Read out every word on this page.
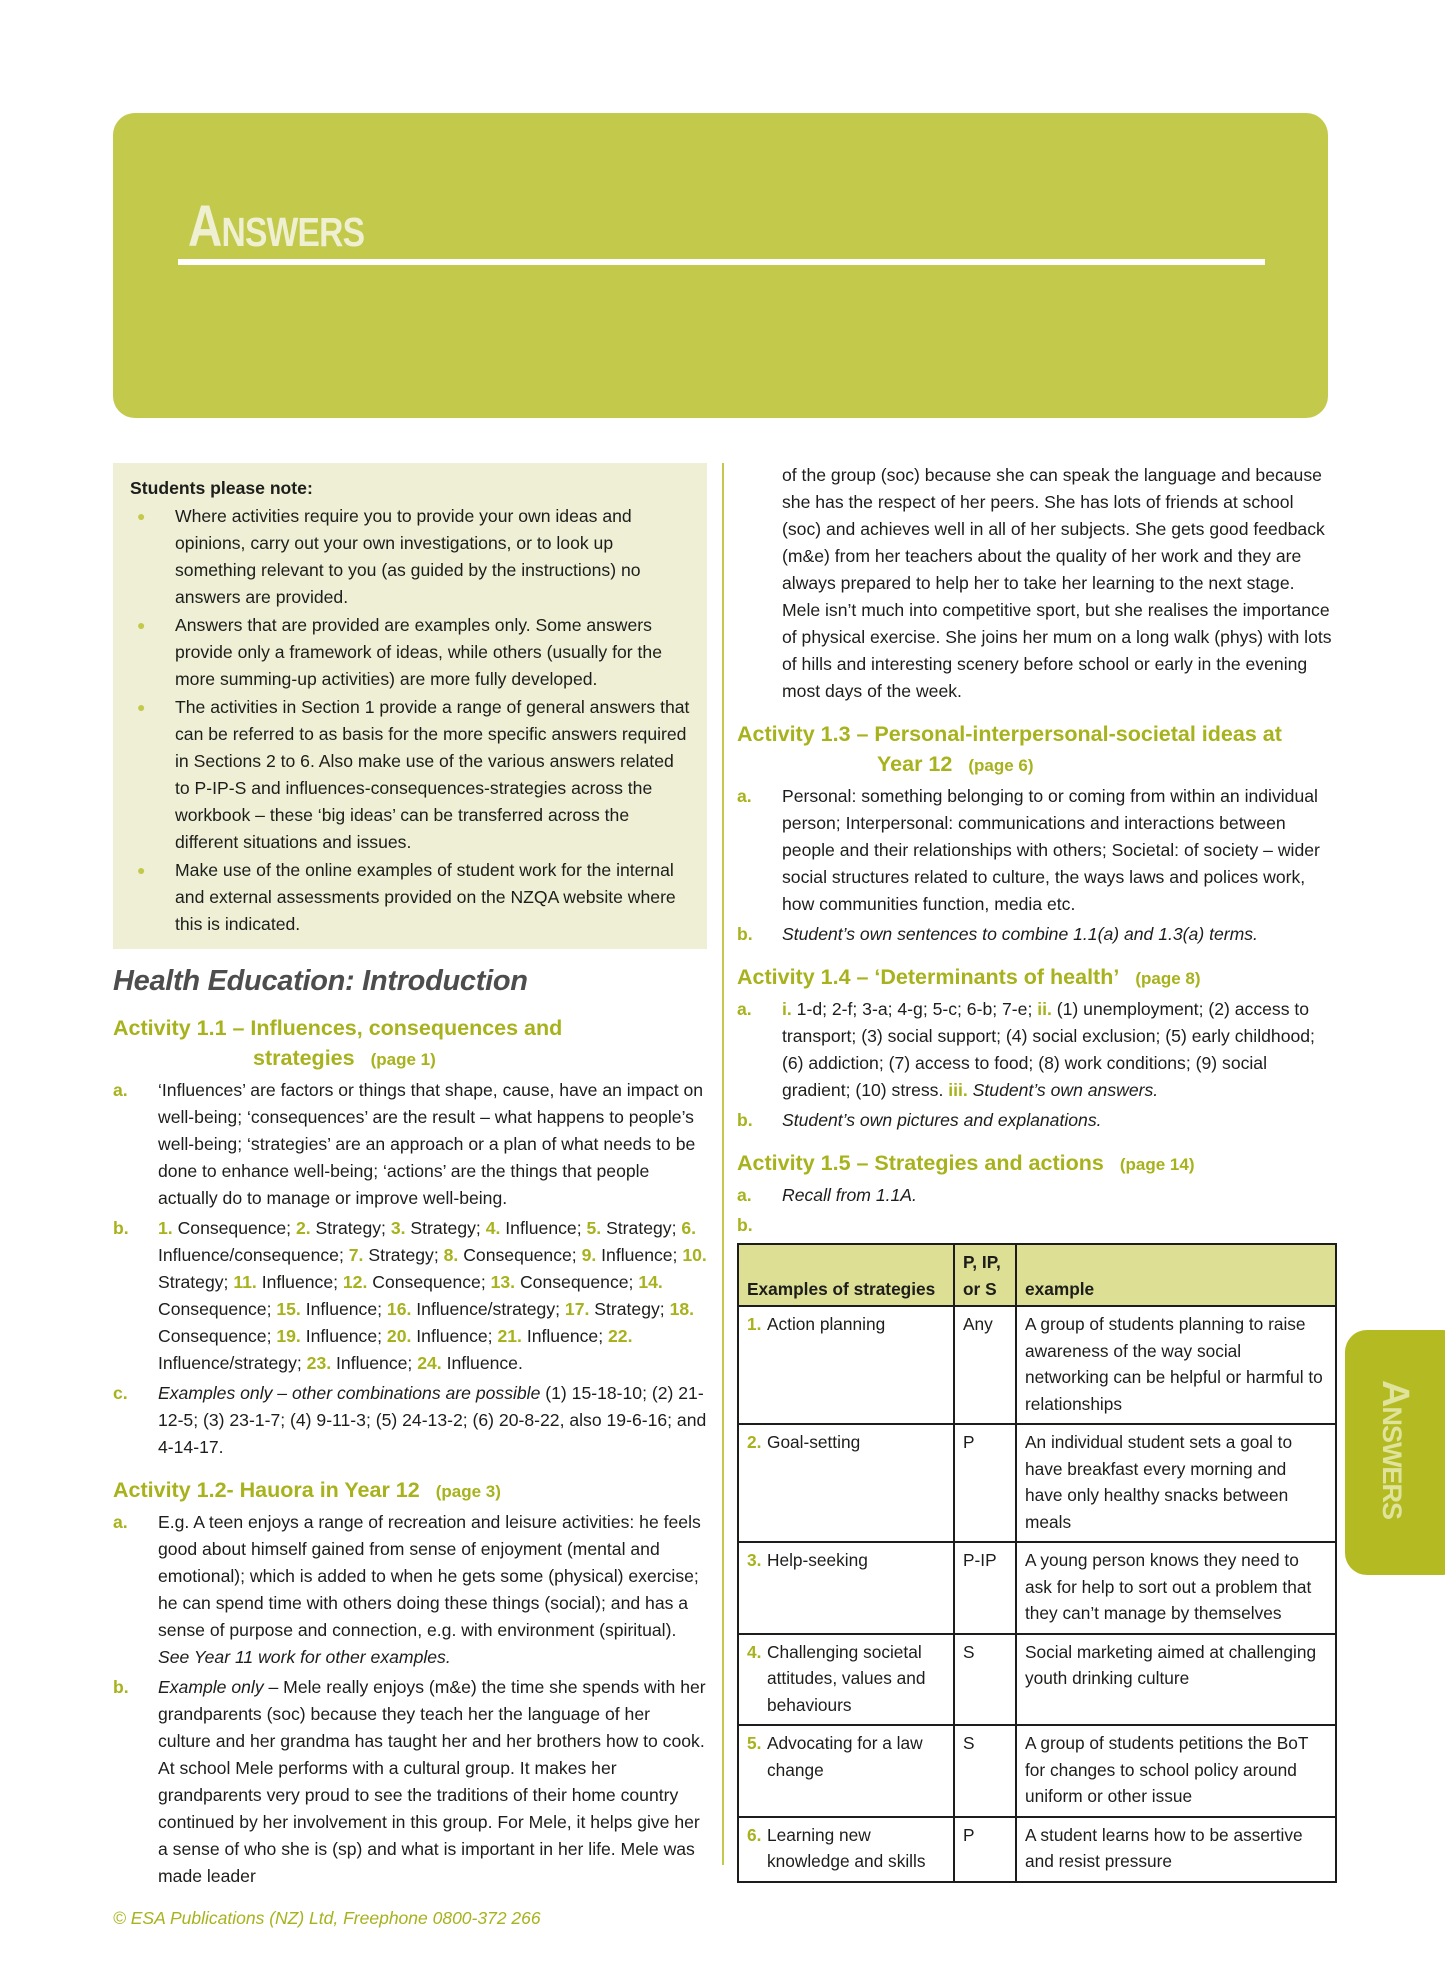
Answers
Students please note:
● Where activities require you to provide your own ideas and opinions, carry out your own investigations, or to look up something relevant to you (as guided by the instructions) no answers are provided.
● Answers that are provided are examples only. Some answers provide only a framework of ideas, while others (usually for the more summing-up activities) are more fully developed.
● The activities in Section 1 provide a range of general answers that can be referred to as basis for the more specific answers required in Sections 2 to 6. Also make use of the various answers related to P-IP-S and influences-consequences-strategies across the workbook – these ‘big ideas’ can be transferred across the different situations and issues.
● Make use of the online examples of student work for the internal and external assessments provided on the NZQA website where this is indicated.
Health Education: Introduction
Activity 1.1 – Influences, consequences and
strategies (page 1)
a. ‘Influences’ are factors or things that shape, cause, have an impact on well-being; ‘consequences’ are the result – what happens to people’s well-being; ‘strategies’ are an approach or a plan of what needs to be done to enhance well-being; ‘actions’ are the things that people actually do to manage or improve well-being.
b. 1. Consequence; 2. Strategy; 3. Strategy; 4. Influence; 5. Strategy; 6. Influence/consequence; 7. Strategy; 8. Consequence; 9. Influence; 10. Strategy; 11. Influence; 12. Consequence; 13. Consequence; 14. Consequence; 15. Influence; 16. Influence/strategy; 17. Strategy; 18. Consequence; 19. Influence; 20. Influence; 21. Influence; 22. Influence/strategy; 23. Influence; 24. Influence.
c. Examples only – other combinations are possible (1) 15-18-10; (2) 21-12-5; (3) 23-1-7; (4) 9-11-3; (5) 24-13-2; (6) 20-8-22, also 19-6-16; and 4-14-17.
Activity 1.2- Hauora in Year 12 (page 3)
a. E.g. A teen enjoys a range of recreation and leisure activities: he feels good about himself gained from sense of enjoyment (mental and emotional); which is added to when he gets some (physical) exercise; he can spend time with others doing these things (social); and has a sense of purpose and connection, e.g. with environment (spiritual). See Year 11 work for other examples.
b. Example only – Mele really enjoys (m&e) the time she spends with her grandparents (soc) because they teach her the language of her culture and her grandma has taught her and her brothers how to cook. At school Mele performs with a cultural group. It makes her grandparents very proud to see the traditions of their home country continued by her involvement in this group. For Mele, it helps give her a sense of who she is (sp) and what is important in her life. Mele was made leader
of the group (soc) because she can speak the language and because she has the respect of her peers. She has lots of friends at school (soc) and achieves well in all of her subjects. She gets good feedback (m&e) from her teachers about the quality of her work and they are always prepared to help her to take her learning to the next stage. Mele isn’t much into competitive sport, but she realises the importance of physical exercise. She joins her mum on a long walk (phys) with lots of hills and interesting scenery before school or early in the evening most days of the week.
Activity 1.3 – Personal-interpersonal-societal ideas at
Year 12 (page 6)
a. Personal: something belonging to or coming from within an individual person; Interpersonal: communications and interactions between people and their relationships with others; Societal: of society – wider social structures related to culture, the ways laws and polices work, how communities function, media etc.
b. Student’s own sentences to combine 1.1(a) and 1.3(a) terms.
Activity 1.4 – ‘Determinants of health’ (page 8)
a. i. 1-d; 2-f; 3-a; 4-g; 5-c; 6-b; 7-e; ii. (1) unemployment; (2) access to transport; (3) social support; (4) social exclusion; (5) early childhood; (6) addiction; (7) access to food; (8) work conditions; (9) social gradient; (10) stress. iii. Student’s own answers.
b. Student’s own pictures and explanations.
Activity 1.5 – Strategies and actions (page 14)
a. Recall from 1.1A.
b.
Examples of strategies	P, IP, or S	example

1. Action planning	Any	A group of students planning to raise awareness of the way social networking can be helpful or harmful to relationships

2. Goal-setting	P	An individual student sets a goal to have breakfast every morning and have only healthy snacks between meals

3. Help-seeking	P-IP	A young person knows they need to ask for help to sort out a problem that they can’t manage by themselves

4. Challenging societal attitudes, values and behaviours	S	Social marketing aimed at challenging youth drinking culture

5. Advocating for a law change	S	A group of students petitions the BoT for changes to school policy around uniform or other issue

6. Learning new knowledge and skills	P	A student learns how to be assertive and resist pressure
Answers
© ESA Publications (NZ) Ltd, Freephone 0800-372 266
